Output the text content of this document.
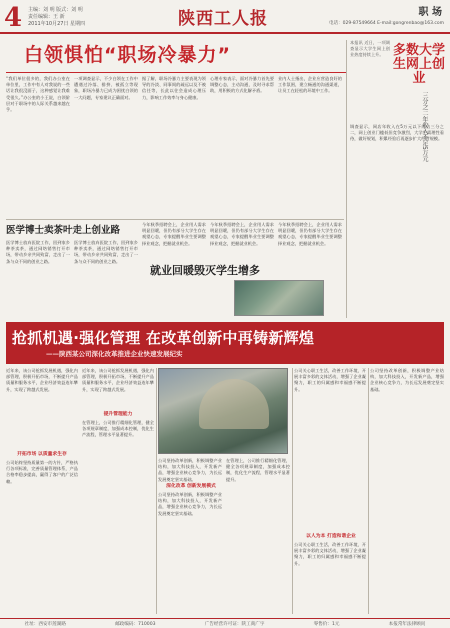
4 主编：刘 明 版式：刘 明
责任编辑：王 新
2011年10月27日 星期四	陕西工人报	职 场
电话：029-87549664 E-mail:gongrenbao@163.com
白领惧怕“职场冷暴力”
“我们单位很多的，我们办公室在单位里，工作中有人对我说的一些话让我很没面子，这种感觉让我难受很久。”办公室的小王说，白领阶层对于职场中的人际关系越来越在乎。
一项调查显示，不少白领在工作中遭遇过冷落、排挤、被孤立等现象，职场冷暴力已成为困扰白领的一大问题，专家建议正确面对。
据了解，职场冷暴力主要表现为领导的冷淡、同事间的疏远以及不被信任等，长此以往会造成心理压力，影响工作效率与身心健康。
心理专家表示，面对冷暴力首先要调整心态，主动沟通，及时寻求帮助，用积极的方式化解矛盾。
业内人士指出，企业应营造良好的工作氛围，建立畅通的沟通渠道，让员工在轻松的环境中工作。
本报讯 近日，一项调查显示大学生网上创业热度持续上升。 多数大学生网上创业
三分之二年收入不足5万元
调查显示，网店年收入在5万元以下的占三分之二，网上创业门槛低但竞争激烈，大学生需理性看待，做好规划，积累经验后再逐步扩大经营规模。
医学博士卖茶叶走上创业路
医学博士放弃医院工作，回到家乡种茶卖茶，通过网络销售打开市场，带动乡亲共同致富，走出了一条与众不同的创业之路。
医学博士放弃医院工作，回到家乡种茶卖茶，通过网络销售打开市场，带动乡亲共同致富，走出了一条与众不同的创业之路。
今年秋季招聘会上，企业用人需求明显回暖，但仍有部分大学生存在观望心态，专家提醒毕业生要调整择业观念，把握就业机会。
今年秋季招聘会上，企业用人需求明显回暖，但仍有部分大学生存在观望心态，专家提醒毕业生要调整择业观念，把握就业机会。
就业回暖毁灭学生增多
今年秋季招聘会上，企业用人需求明显回暖，但仍有部分大学生存在观望心态，专家提醒毕业生要调整择业观念，把握就业机会。
抢抓机遇·强化管理 在改革创新中再铸新辉煌
——陕西某公司深化改革推进企业快速发展纪实
近年来，该公司抢抓发展机遇，强化内部管理，积极开拓市场，不断提升产品质量和服务水平，企业经济效益连年攀升，实现了跨越式发展。
开拓市场 以质量求生存
公司始终坚持质量第一的方针，严格执行各项标准，完善质量管理体系，产品合格率稳步提高，赢得了客户的广泛信赖。
近年来，该公司抢抓发展机遇，强化内部管理，积极开拓市场，不断提升产品质量和服务水平，企业经济效益连年攀升，实现了跨越式发展。
提升管理能力
在管理上，公司推行精细化管理，健全各项规章制度，加强成本控制，优化生产流程，管理水平显著提升。
公司坚持改革创新，积极调整产业结构，加大科技投入，开发新产品，增强企业核心竞争力，为长远发展奠定坚实基础。
深化改革 创新发展模式
公司坚持改革创新，积极调整产业结构，加大科技投入，开发新产品，增强企业核心竞争力，为长远发展奠定坚实基础。
在管理上，公司推行精细化管理，健全各项规章制度，加强成本控制，优化生产流程，管理水平显著提升。
公司关心职工生活，改善工作环境，开展丰富多彩的文体活动，增强了企业凝聚力，职工的归属感和幸福感不断提升。
以人为本 打造和谐企业
公司关心职工生活，改善工作环境，开展丰富多彩的文体活动，增强了企业凝聚力，职工的归属感和幸福感不断提升。
公司坚持改革创新，积极调整产业结构，加大科技投入，开发新产品，增强企业核心竞争力，为长远发展奠定坚实基础。
社址：西安市莲湖路	邮政编码：710003	广告经营许可证：陕工商广字	零售价：1元	本报常年法律顾问
